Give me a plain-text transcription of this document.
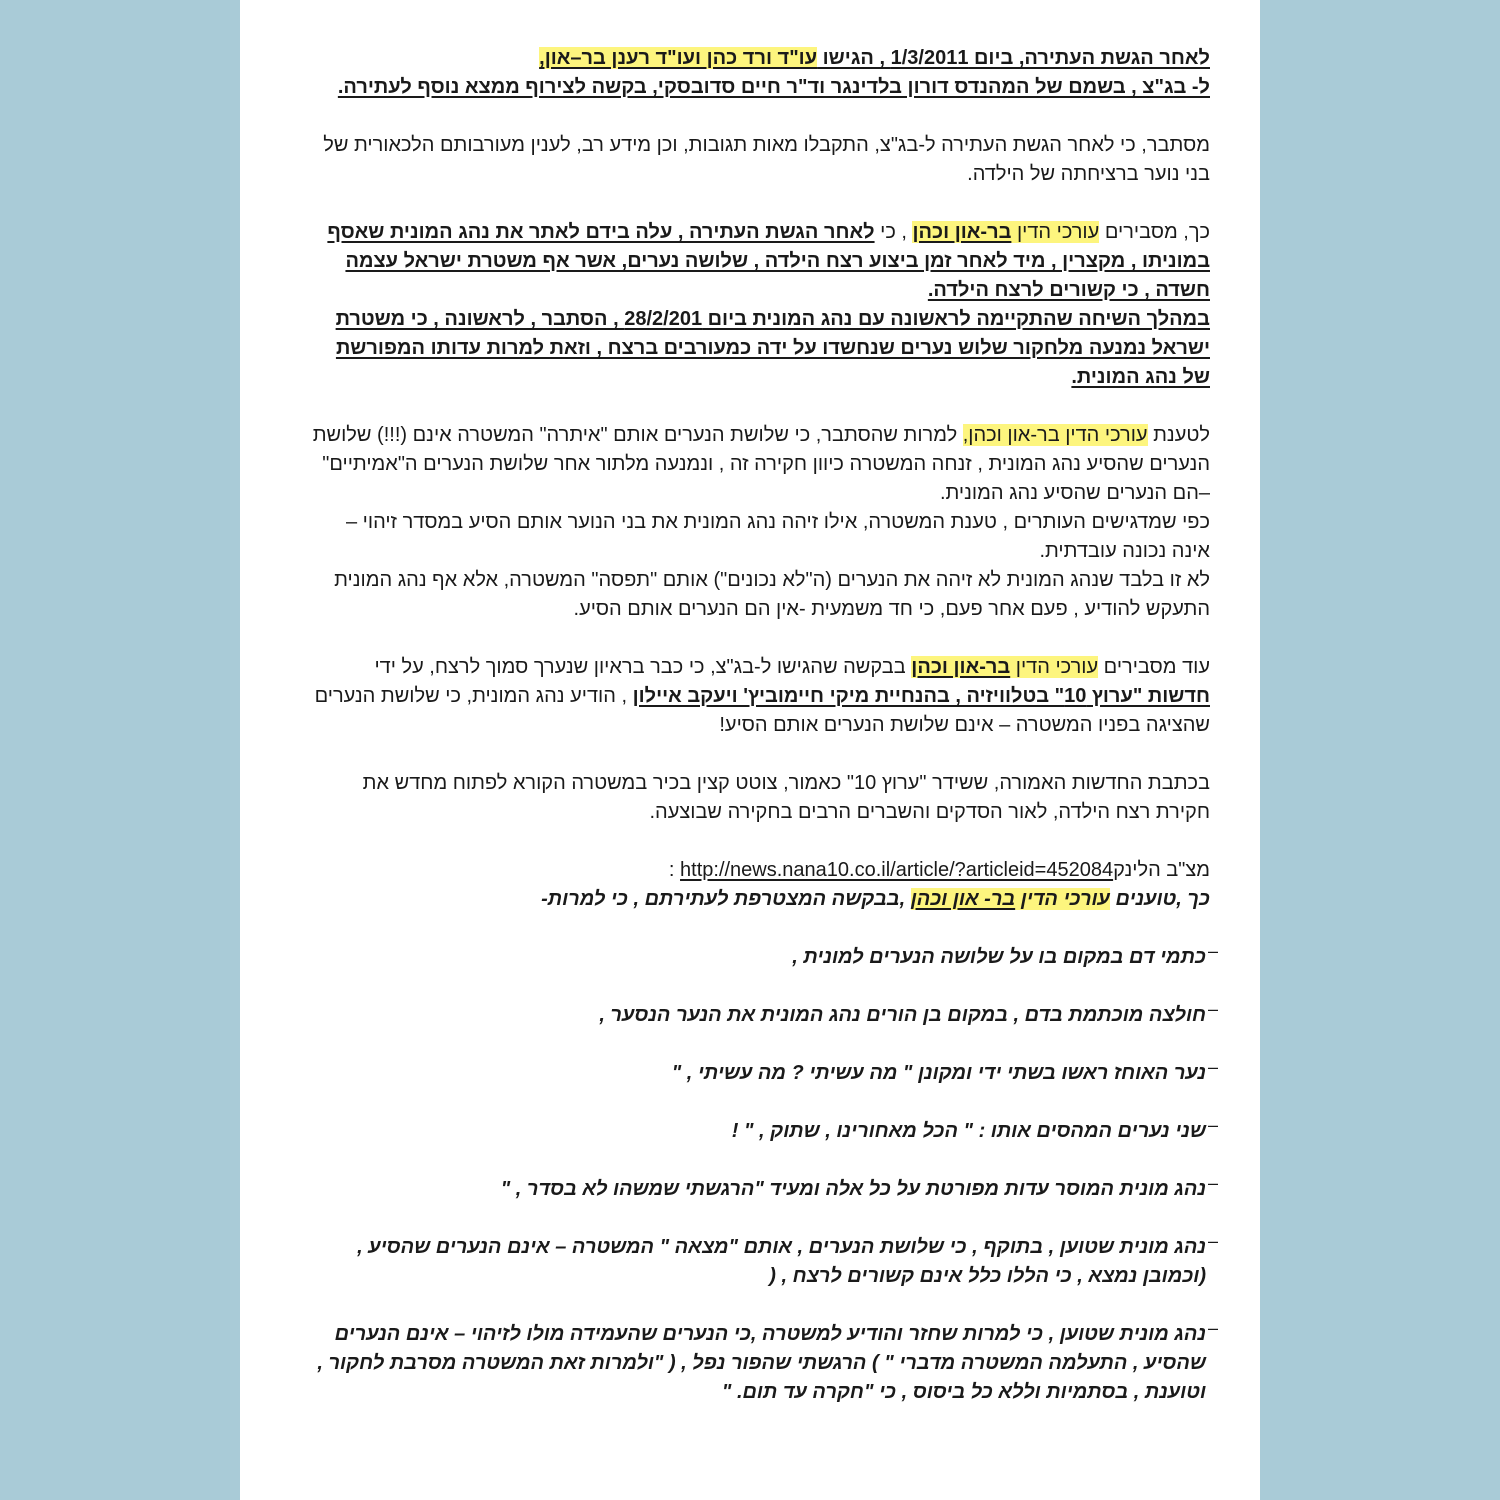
לאחר הגשת העתירה, ביום 1/3/2011 , הגישו עו"ד ורד כהן ועו"ד רענן בר–און,
ל- בג"צ , בשמם של המהנדס דורון בלדינגר וד"ר חיים סדובסקי, בקשה לצירוף ממצא נוסף לעתירה.

מסתבר, כי לאחר הגשת העתירה ל-בג"צ, התקבלו מאות תגובות, וכן מידע רב, לענין מעורבותם הלכאורית של בני נוער ברציחתה של הילדה.

כך, מסבירים עורכי הדין בר-און וכהן , כי לאחר הגשת העתירה , עלה בידם לאתר את נהג המונית שאסף במוניתו , מקצרין , מיד לאחר זמן ביצוע רצח הילדה , שלושה נערים, אשר אף משטרת ישראל עצמה חשדה , כי קשורים לרצח הילדה.
במהלך השיחה שהתקיימה לראשונה עם נהג המונית ביום 28/2/201 , הסתבר , לראשונה , כי משטרת ישראל נמנעה מלחקור שלוש נערים שנחשדו על ידה כמעורבים ברצח , וזאת למרות עדותו המפורשת של נהג המונית.

לטענת עורכי הדין בר-און וכהן, למרות שהסתבר, כי שלושת הנערים אותם "איתרה" המשטרה אינם (!!!) שלושת הנערים שהסיע נהג המונית , זנחה המשטרה כיוון חקירה זה , ונמנעה מלתור אחר שלושת הנערים ה"אמיתיים" –הם הנערים שהסיע נהג המונית.
כפי שמדגישים העותרים , טענת המשטרה, אילו זיהה נהג המונית את בני הנוער אותם הסיע במסדר זיהוי – אינה נכונה עובדתית.
לא זו בלבד שנהג המונית לא זיהה את הנערים (ה"לא נכונים") אותם "תפסה" המשטרה, אלא אף נהג המונית התעקש להודיע , פעם אחר פעם, כי חד משמעית -אין הם הנערים אותם הסיע.

עוד מסבירים עורכי הדין בר-און וכהן בבקשה שהגישו ל-בג"צ, כי כבר בראיון שנערך סמוך לרצח, על ידי חדשות "ערוץ 10" בטלוויזיה , בהנחיית מיקי חיימוביץ' ויעקב איילון , הודיע נהג המונית, כי שלושת הנערים שהציגה בפניו המשטרה – אינם שלושת הנערים אותם הסיע!

בכתבת החדשות האמורה, ששידר "ערוץ 10" כאמור, צוטט קצין בכיר במשטרה הקורא לפתוח מחדש את חקירת רצח הילדה, לאור הסדקים והשברים הרבים בחקירה שבוצעה.

מצ"ב הלינקhttp://news.nana10.co.il/article/?articleid=452084 :
כך ,טוענים עורכי הדין בר- און וכהן ,בבקשה המצטרפת לעתירתם , כי למרות-

–
כתמי דם במקום בו על שלושה הנערים למונית ,

–
חולצה מוכתמת בדם , במקום בן הורים נהג המונית את הנער הנסער ,

–
נער האוחז ראשו בשתי ידי ומקונן " מה עשיתי ? מה עשיתי , "

–
שני נערים המהסים אותו : " הכל מאחורינו , שתוק , " !

–
נהג מונית המוסר עדות מפורטת על כל אלה ומעיד "הרגשתי שמשהו לא בסדר , "

–
נהג מונית שטוען , בתוקף , כי שלושת הנערים , אותם "מצאה " המשטרה – אינם הנערים שהסיע ,(וכמובן נמצא , כי הללו כלל אינם קשורים לרצח , (

–
נהג מונית שטוען , כי למרות שחזר והודיע למשטרה ,כי הנערים שהעמידה מולו לזיהוי – אינם הנערים שהסיע , התעלמה המשטרה מדברי " ) הרגשתי שהפור נפל , ( "ולמרות זאת המשטרה מסרבת לחקור , וטוענת , בסתמיות וללא כל ביסוס , כי "חקרה עד תום. "
